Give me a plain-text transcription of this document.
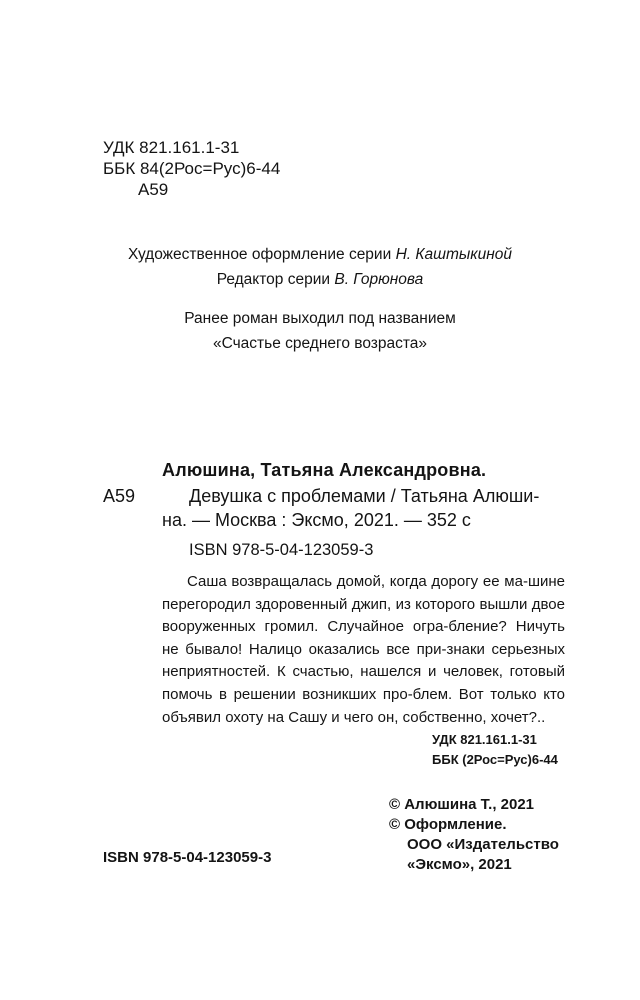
УДК 821.161.1-31
ББК 84(2Рос=Рус)6-44
А59
Художественное оформление серии Н. Каштыкиной
Редактор серии В. Горюнова
Ранее роман выходил под названием
«Счастье среднего возраста»
Алюшина, Татьяна Александровна.
А59	Девушка с проблемами / Татьяна Алюши-
на. — Москва : Эксмо, 2021. — 352 с
ISBN 978-5-04-123059-3
Саша возвращалась домой, когда дорогу ее ма-шине перегородил здоровенный джип, из которого вышли двое вооруженных громил. Случайное огра-бление? Ничуть не бывало! Налицо оказались все при-знаки серьезных неприятностей. К счастью, нашелся и человек, готовый помочь в решении возникших про-блем. Вот только кто объявил охоту на Сашу и чего он, собственно, хочет?..
УДК 821.161.1-31
ББК (2Рос=Рус)6-44
© Алюшина Т., 2021
© Оформление.
ООО «Издательство
«Эксмо», 2021
ISBN 978-5-04-123059-3
